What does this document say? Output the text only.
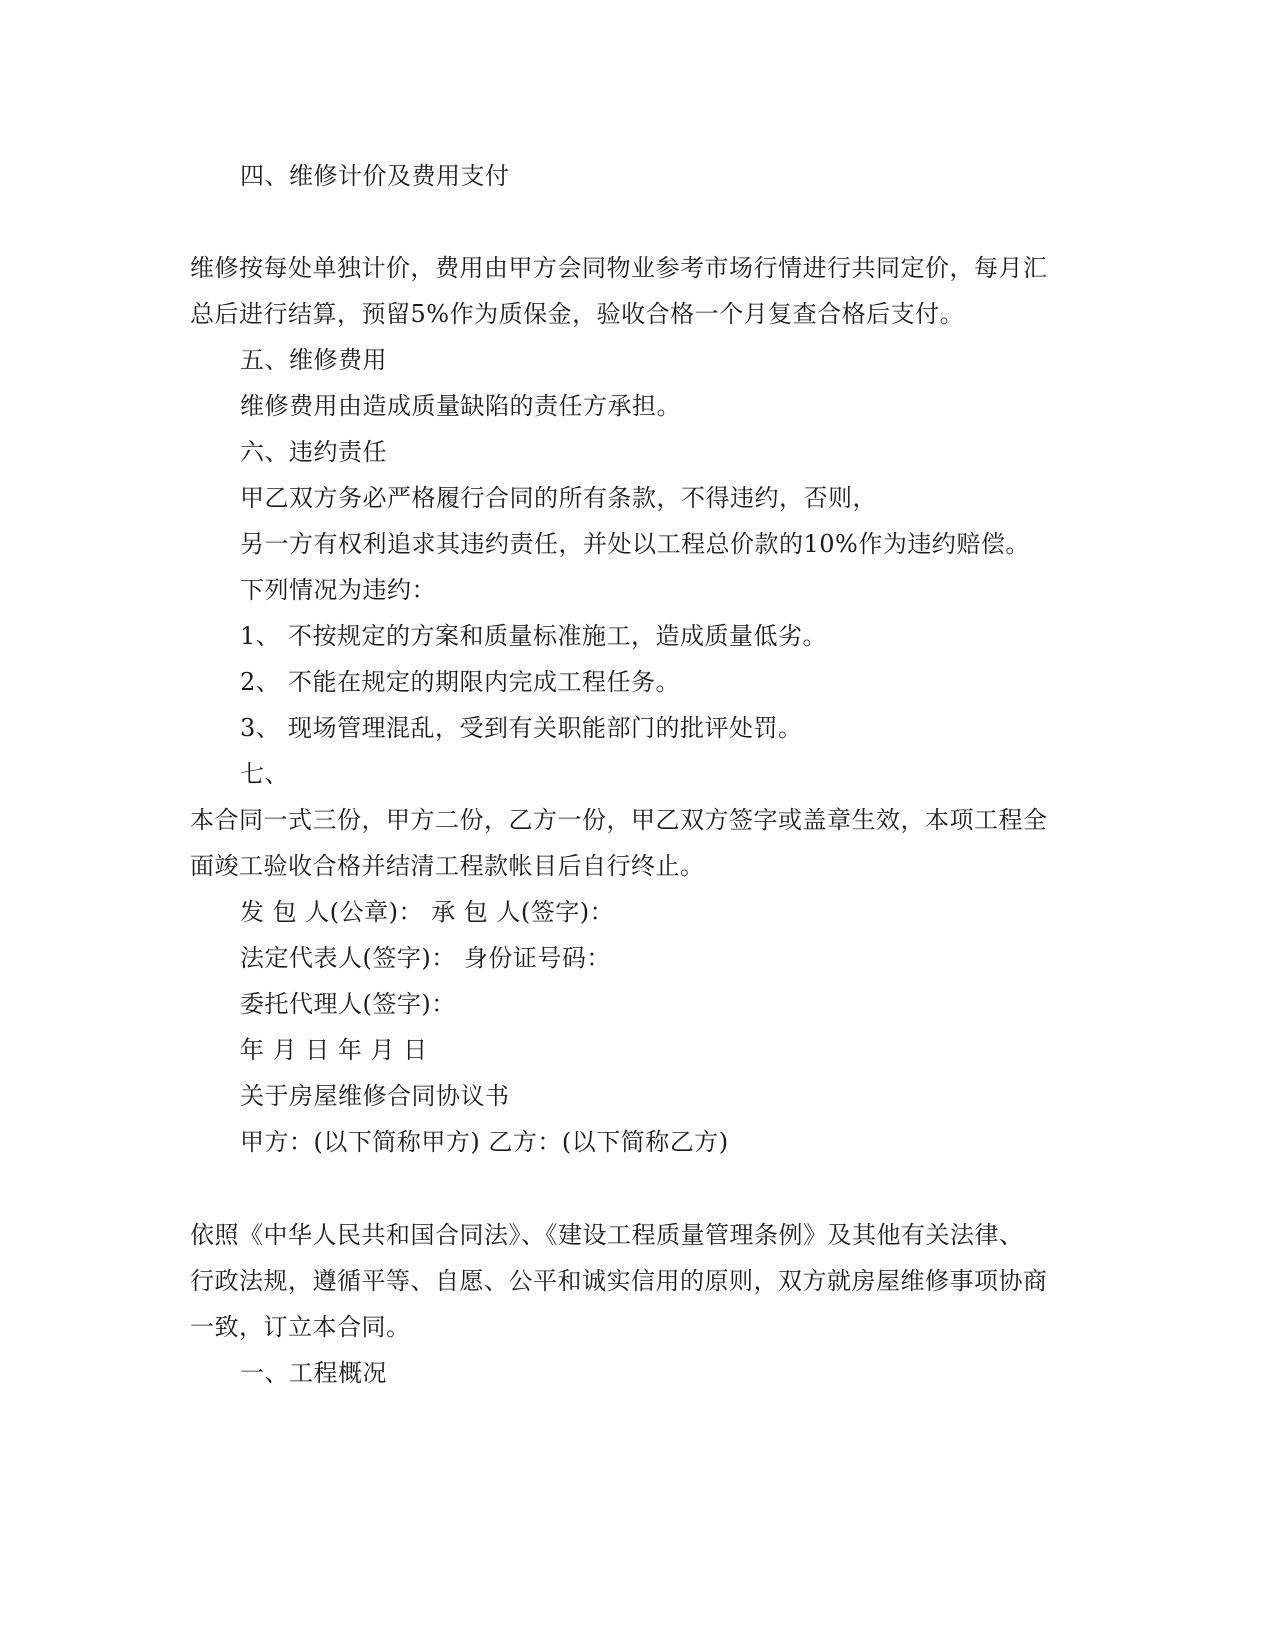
四、维修计价及费用支付
维修按每处单独计价，费用由甲方会同物业参考市场行情进行共同定价，每月汇
总后进行结算，预留5%作为质保金，验收合格一个月复查合格后支付。
五、维修费用
维修费用由造成质量缺陷的责任方承担。
六、违约责任
甲乙双方务必严格履行合同的所有条款，不得违约，否则，
另一方有权利追求其违约责任，并处以工程总价款的10%作为违约赔偿。
下列情况为违约：
1、 不按规定的方案和质量标准施工，造成质量低劣。
2、 不能在规定的期限内完成工程任务。
3、 现场管理混乱，受到有关职能部门的批评处罚。
七、
本合同一式三份，甲方二份，乙方一份，甲乙双方签字或盖章生效，本项工程全
面竣工验收合格并结清工程款帐目后自行终止。
发 包 人(公章)： 承 包 人(签字)：
法定代表人(签字)： 身份证号码：
委托代理人(签字)：
年 月 日 年 月 日
关于房屋维修合同协议书
甲方：(以下简称甲方) 乙方：(以下简称乙方)
依照《中华人民共和国合同法》、《建设工程质量管理条例》及其他有关法律、
行政法规，遵循平等、自愿、公平和诚实信用的原则，双方就房屋维修事项协商
一致，订立本合同。
一、工程概况
